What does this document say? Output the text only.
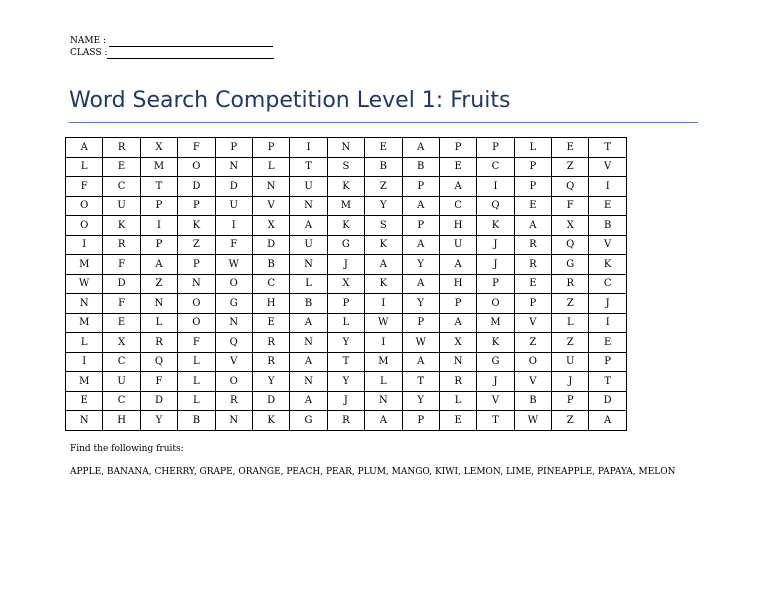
NAME :
CLASS :
Word Search Competition Level 1: Fruits
A	R	X	F	P	P	I	N	E	A	P	P	L	E	T
L	E	M	O	N	L	T	S	B	B	E	C	P	Z	V
F	C	T	D	D	N	U	K	Z	P	A	I	P	Q	I
O	U	P	P	U	V	N	M	Y	A	C	Q	E	F	E
O	K	I	K	I	X	A	K	S	P	H	K	A	X	B
I	R	P	Z	F	D	U	G	K	A	U	J	R	Q	V
M	F	A	P	W	B	N	J	A	Y	A	J	R	G	K
W	D	Z	N	O	C	L	X	K	A	H	P	E	R	C
N	F	N	O	G	H	B	P	I	Y	P	O	P	Z	J
M	E	L	O	N	E	A	L	W	P	A	M	V	L	I
L	X	R	F	Q	R	N	Y	I	W	X	K	Z	Z	E
I	C	Q	L	V	R	A	T	M	A	N	G	O	U	P
M	U	F	L	O	Y	N	Y	L	T	R	J	V	J	T
E	C	D	L	R	D	A	J	N	Y	L	V	B	P	D
N	H	Y	B	N	K	G	R	A	P	E	T	W	Z	A
Find the following fruits:
APPLE, BANANA, CHERRY, GRAPE, ORANGE, PEACH, PEAR, PLUM, MANGO, KIWI, LEMON, LIME, PINEAPPLE, PAPAYA, MELON
